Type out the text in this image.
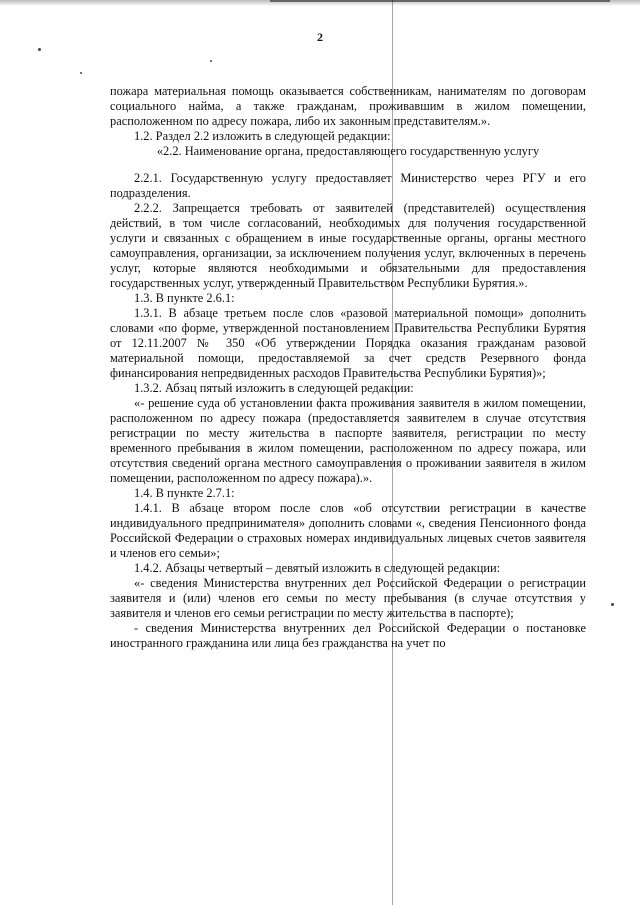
2

пожара материальная помощь оказывается собственникам, нанимателям по договорам социального найма, а также гражданам, проживавшим в жилом помещении, расположенном по адресу пожара, либо их законным представителям.».

1.2. Раздел 2.2 изложить в следующей редакции:

«2.2. Наименование органа, предоставляющего государственную услугу

2.2.1. Государственную услугу предоставляет Министерство через РГУ и его подразделения.

2.2.2. Запрещается требовать от заявителей (представителей) осуществления действий, в том числе согласований, необходимых для получения государственной услуги и связанных с обращением в иные государственные органы, органы местного самоуправления, организации, за исключением получения услуг, включенных в перечень услуг, которые являются необходимыми и обязательными для предоставления государственных услуг, утвержденный Правительством Республики Бурятия.».

1.3. В пункте 2.6.1:

1.3.1. В абзаце третьем после слов «разовой материальной помощи» дополнить словами «по форме, утвержденной постановлением Правительства Республики Бурятия от 12.11.2007 № 350 «Об утверждении Порядка оказания гражданам разовой материальной помощи, предоставляемой за счет средств Резервного фонда финансирования непредвиденных расходов Правительства Республики Бурятия)»;

1.3.2. Абзац пятый изложить в следующей редакции:

«- решение суда об установлении факта проживания заявителя в жилом помещении, расположенном по адресу пожара (предоставляется заявителем в случае отсутствия регистрации по месту жительства в паспорте заявителя, регистрации по месту временного пребывания в жилом помещении, расположенном по адресу пожара, или отсутствия сведений органа местного самоуправления о проживании заявителя в жилом помещении, расположенном по адресу пожара).».

1.4. В пункте 2.7.1:

1.4.1. В абзаце втором после слов «об отсутствии регистрации в качестве индивидуального предпринимателя» дополнить словами «, сведения Пенсионного фонда Российской Федерации о страховых номерах индивидуальных лицевых счетов заявителя и членов его семьи»;

1.4.2. Абзацы четвертый – девятый изложить в следующей редакции:

«- сведения Министерства внутренних дел Российской Федерации о регистрации заявителя и (или) членов его семьи по месту пребывания (в случае отсутствия у заявителя и членов его семьи регистрации по месту жительства в паспорте);

- сведения Министерства внутренних дел Российской Федерации о постановке иностранного гражданина или лица без гражданства на учет по
